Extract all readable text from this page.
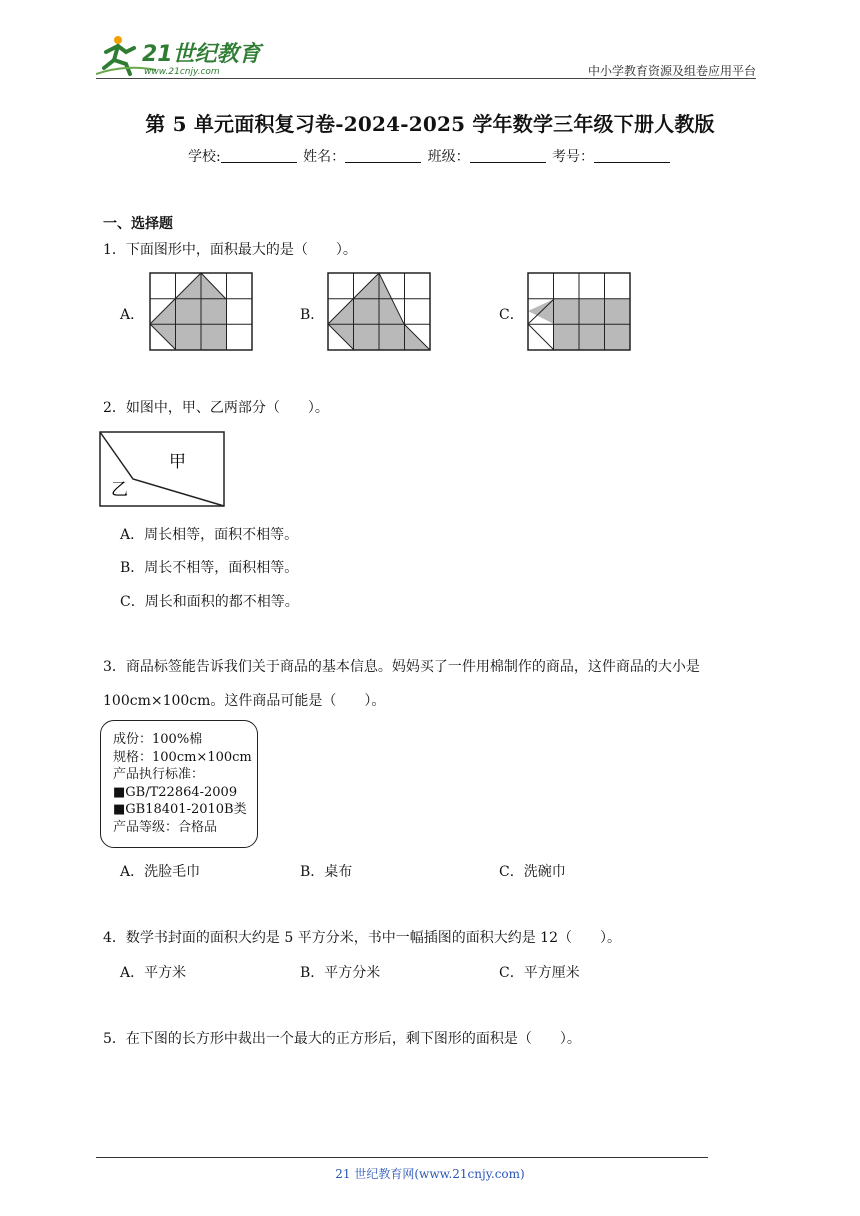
21世纪教育
www.21cnjy.com	中小学教育资源及组卷应用平台
第 5 单元面积复习卷-2024-2025 学年数学三年级下册人教版
学校:	姓名：	班级：	考号：
一、选择题
1．下面图形中，面积最大的是（　　）。
A．	B．	C．
2．如图中，甲、乙两部分（　　）。
甲
乙
A．周长相等，面积不相等。
B．周长不相等，面积相等。
C．周长和面积的都不相等。
3．商品标签能告诉我们关于商品的基本信息。妈妈买了一件用棉制作的商品，这件商品的大小是
100cm×100cm。这件商品可能是（　　）。
成份：100%棉
规格：100cm×100cm
产品执行标准：
■GB/T22864-2009
■GB18401-2010B类
产品等级：合格品
A．洗脸毛巾	B．桌布	C．洗碗巾
4．数学书封面的面积大约是 5 平方分米，书中一幅插图的面积大约是 12（　　）。
A．平方米	B．平方分米	C．平方厘米
5．在下图的长方形中裁出一个最大的正方形后，剩下图形的面积是（　　）。
21 世纪教育网(www.21cnjy.com)
